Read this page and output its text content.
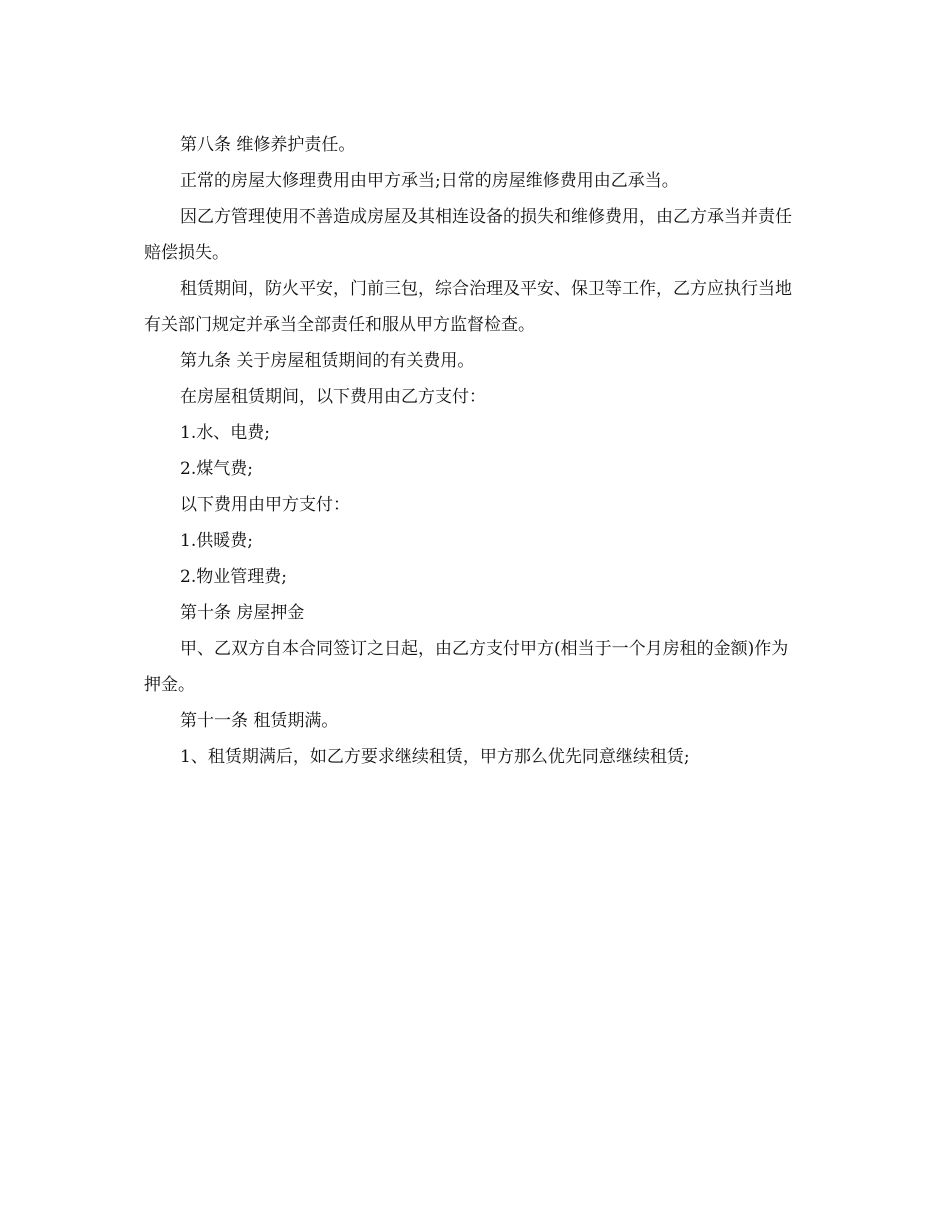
第八条 维修养护责任。

正常的房屋大修理费用由甲方承当;日常的房屋维修费用由乙承当。

因乙方管理使用不善造成房屋及其相连设备的损失和维修费用，由乙方承当并责任赔偿损失。

租赁期间，防火平安，门前三包，综合治理及平安、保卫等工作，乙方应执行当地有关部门规定并承当全部责任和服从甲方监督检查。

第九条 关于房屋租赁期间的有关费用。

在房屋租赁期间，以下费用由乙方支付：

1.水、电费;

2.煤气费;

以下费用由甲方支付：

1.供暖费;

2.物业管理费;

第十条 房屋押金

甲、乙双方自本合同签订之日起，由乙方支付甲方(相当于一个月房租的金额)作为押金。

第十一条 租赁期满。

1、租赁期满后，如乙方要求继续租赁，甲方那么优先同意继续租赁;
